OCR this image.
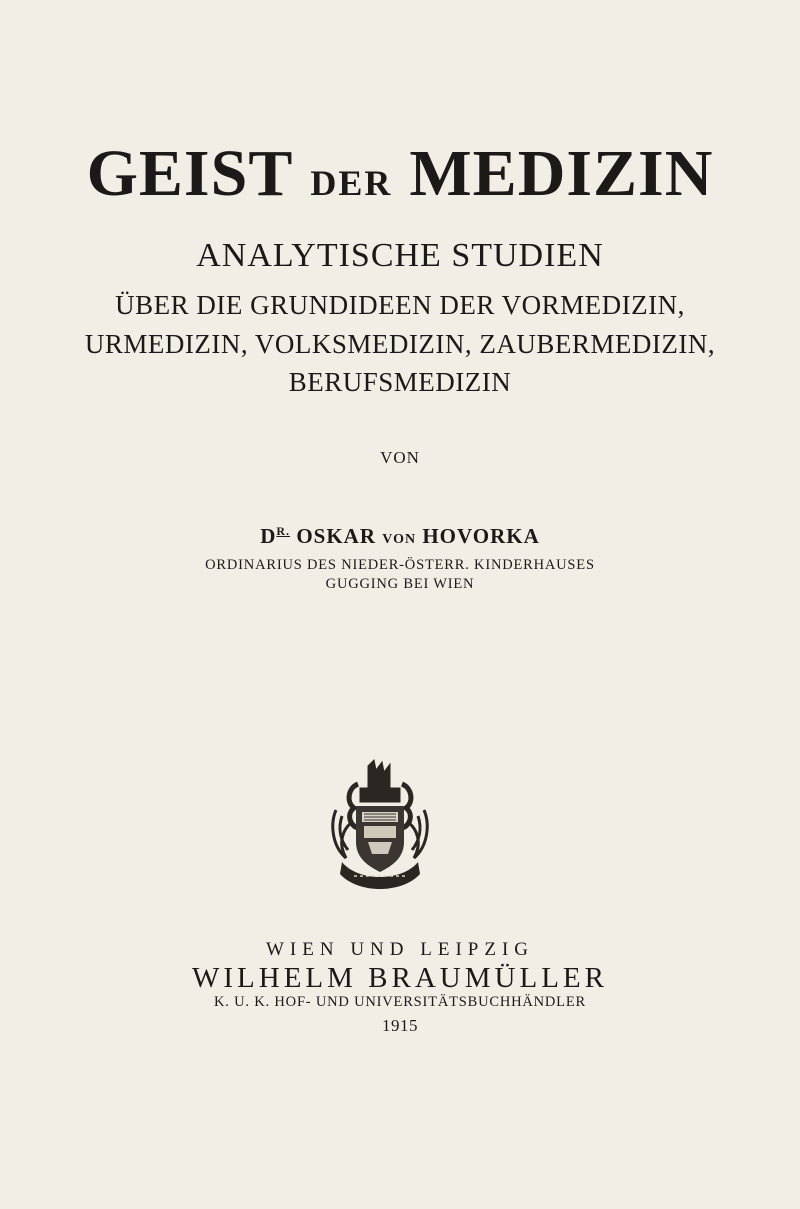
GEIST DER MEDIZIN
ANALYTISCHE STUDIEN
ÜBER DIE GRUNDIDEEN DER VORMEDIZIN,
URMEDIZIN, VOLKSMEDIZIN, ZAUBERMEDIZIN,
BERUFSMEDIZIN
VON
$D^{R.}$ OSKAR VON HOVORKA
ORDINARIUS DES NIEDER-ÖSTERR. KINDERHAUSES
GUGGING BEI WIEN
WIEN UND LEIPZIG
WILHELM BRAUMÜLLER
K. U. K. HOF- UND UNIVERSITÄTSBUCHHÄNDLER
1915
